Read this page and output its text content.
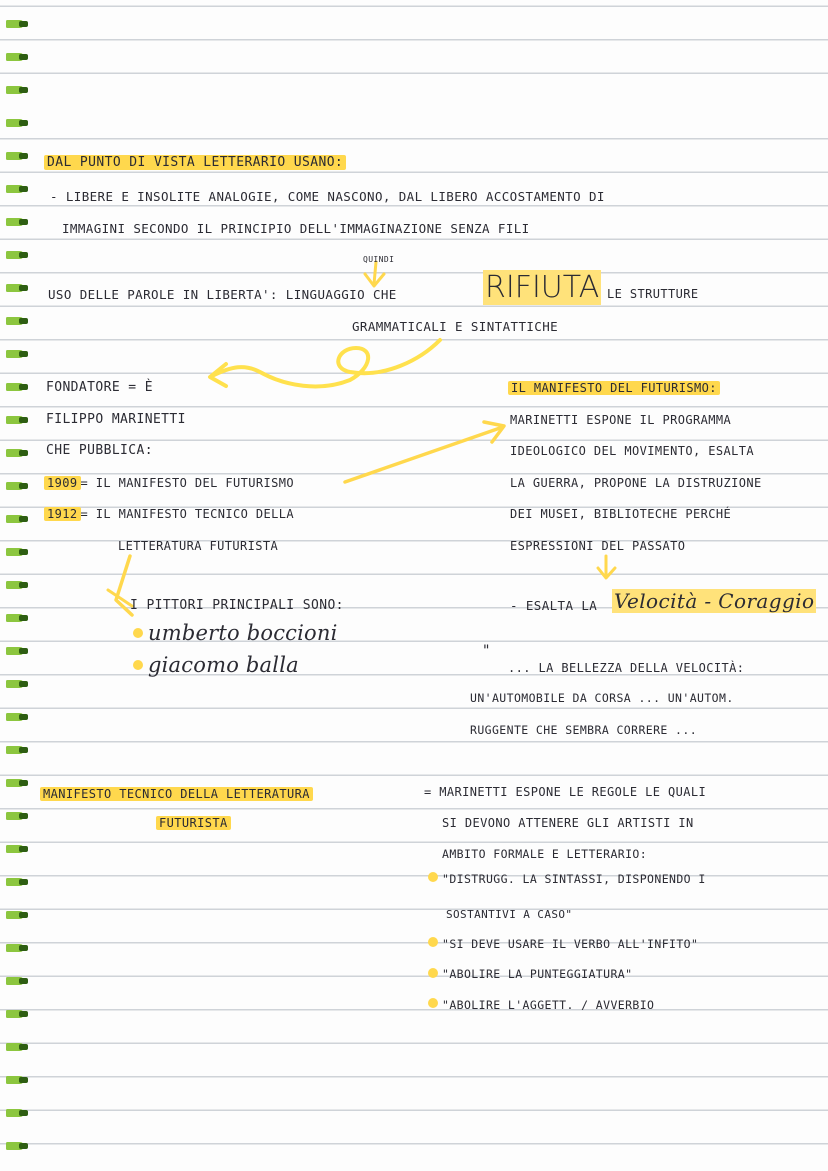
DAL PUNTO DI VISTA LETTERARIO USANO:
- LIBERE E INSOLITE ANALOGIE, COME NASCONO, DAL LIBERO ACCOSTAMENTO DI
IMMAGINI SECONDO IL PRINCIPIO DELL'IMMAGINAZIONE SENZA FILI
QUINDI
USO DELLE PAROLE IN LIBERTA': LINGUAGGIO CHE	RIFIUTA LE STRUTTURE
GRAMMATICALI E SINTATTICHE
FONDATORE = È
FILIPPO MARINETTI
CHE PUBBLICA:
1909 = IL MANIFESTO DEL FUTURISMO
1912 = IL MANIFESTO TECNICO DELLA
LETTERATURA FUTURISTA
I PITTORI PRINCIPALI SONO:
umberto boccioni
giacomo balla
IL MANIFESTO DEL FUTURISMO:
MARINETTI ESPONE IL PROGRAMMA
IDEOLOGICO DEL MOVIMENTO, ESALTA
LA GUERRA, PROPONE LA DISTRUZIONE
DEI MUSEI, BIBLIOTECHE PERCHÉ
ESPRESSIONI DEL PASSATO
- ESALTA LA Velocità - Coraggio
"
... LA BELLEZZA DELLA VELOCITÀ:
UN'AUTOMOBILE DA CORSA ... UN'AUTOM.
RUGGENTE CHE SEMBRA CORRERE ...
MANIFESTO TECNICO DELLA LETTERATURA
FUTURISTA
= MARINETTI ESPONE LE REGOLE LE QUALI
SI DEVONO ATTENERE GLI ARTISTI IN
AMBITO FORMALE E LETTERARIO:
"DISTRUGG. LA SINTASSI, DISPONENDO I
SOSTANTIVI A CASO"
"SI DEVE USARE IL VERBO ALL'INFITO"
"ABOLIRE LA PUNTEGGIATURA"
"ABOLIRE L'AGGETT. / AVVERBIO
